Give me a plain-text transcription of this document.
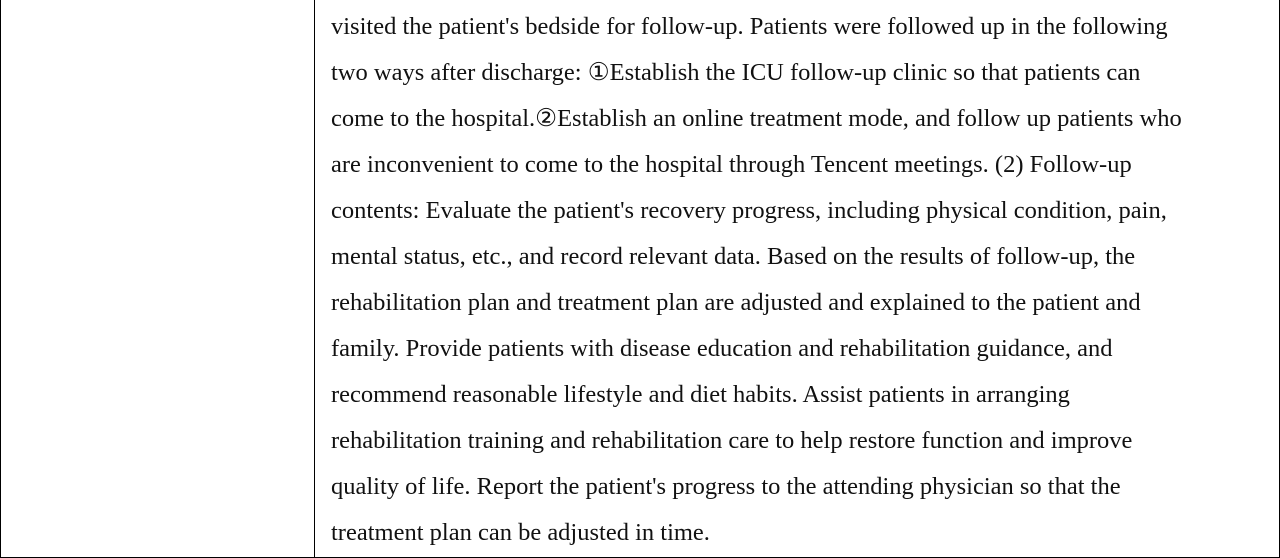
visited the patient's bedside for follow-up. Patients were followed up in the following
two ways after discharge: ①Establish the ICU follow-up clinic so that patients can
come to the hospital.②Establish an online treatment mode, and follow up patients who
are inconvenient to come to the hospital through Tencent meetings. (2) Follow-up
contents: Evaluate the patient's recovery progress, including physical condition, pain,
mental status, etc., and record relevant data. Based on the results of follow-up, the
rehabilitation plan and treatment plan are adjusted and explained to the patient and
family. Provide patients with disease education and rehabilitation guidance, and
recommend reasonable lifestyle and diet habits. Assist patients in arranging
rehabilitation training and rehabilitation care to help restore function and improve
quality of life. Report the patient's progress to the attending physician so that the
treatment plan can be adjusted in time.
